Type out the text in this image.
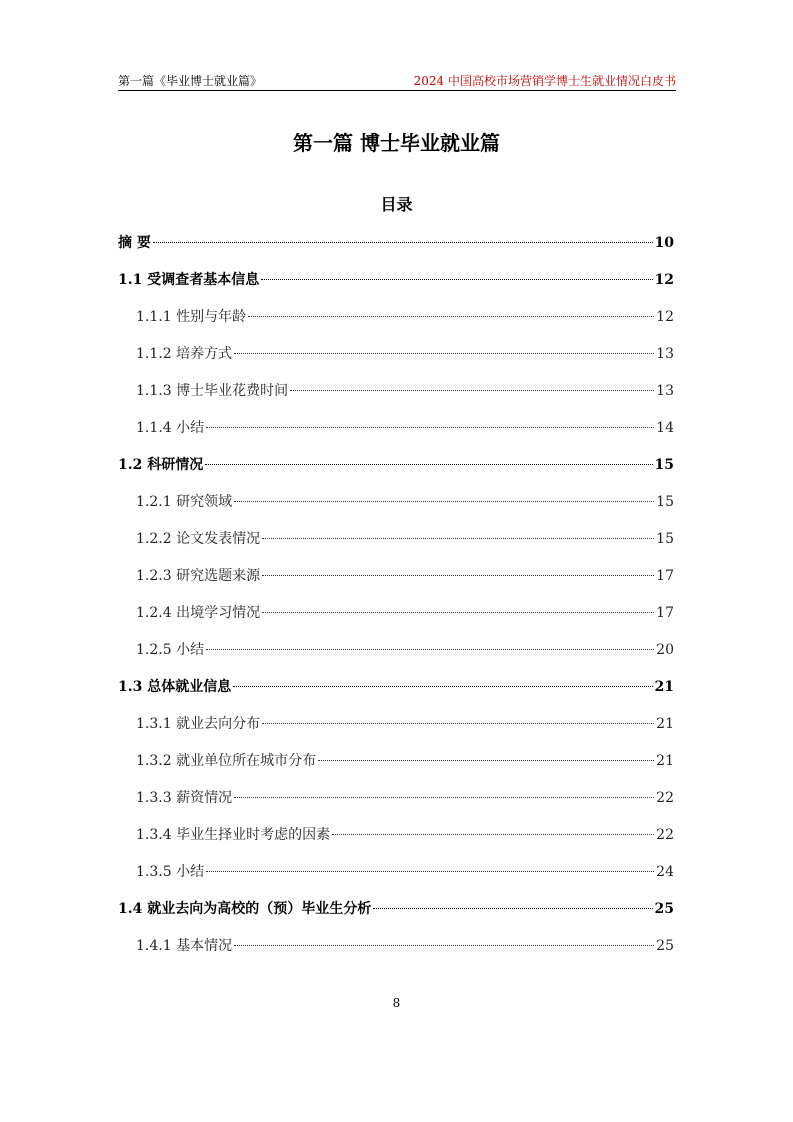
第一篇《毕业博士就业篇》	2024 中国高校市场营销学博士生就业情况白皮书
第一篇 博士毕业就业篇
目录
摘 要	10
1.1 受调查者基本信息	12
1.1.1 性别与年龄	12
1.1.2 培养方式	13
1.1.3 博士毕业花费时间	13
1.1.4 小结	14
1.2 科研情况	15
1.2.1 研究领域	15
1.2.2 论文发表情况	15
1.2.3 研究选题来源	17
1.2.4 出境学习情况	17
1.2.5 小结	20
1.3 总体就业信息	21
1.3.1 就业去向分布	21
1.3.2 就业单位所在城市分布	21
1.3.3 薪资情况	22
1.3.4 毕业生择业时考虑的因素	22
1.3.5 小结	24
1.4 就业去向为高校的（预）毕业生分析	25
1.4.1 基本情况	25
8
